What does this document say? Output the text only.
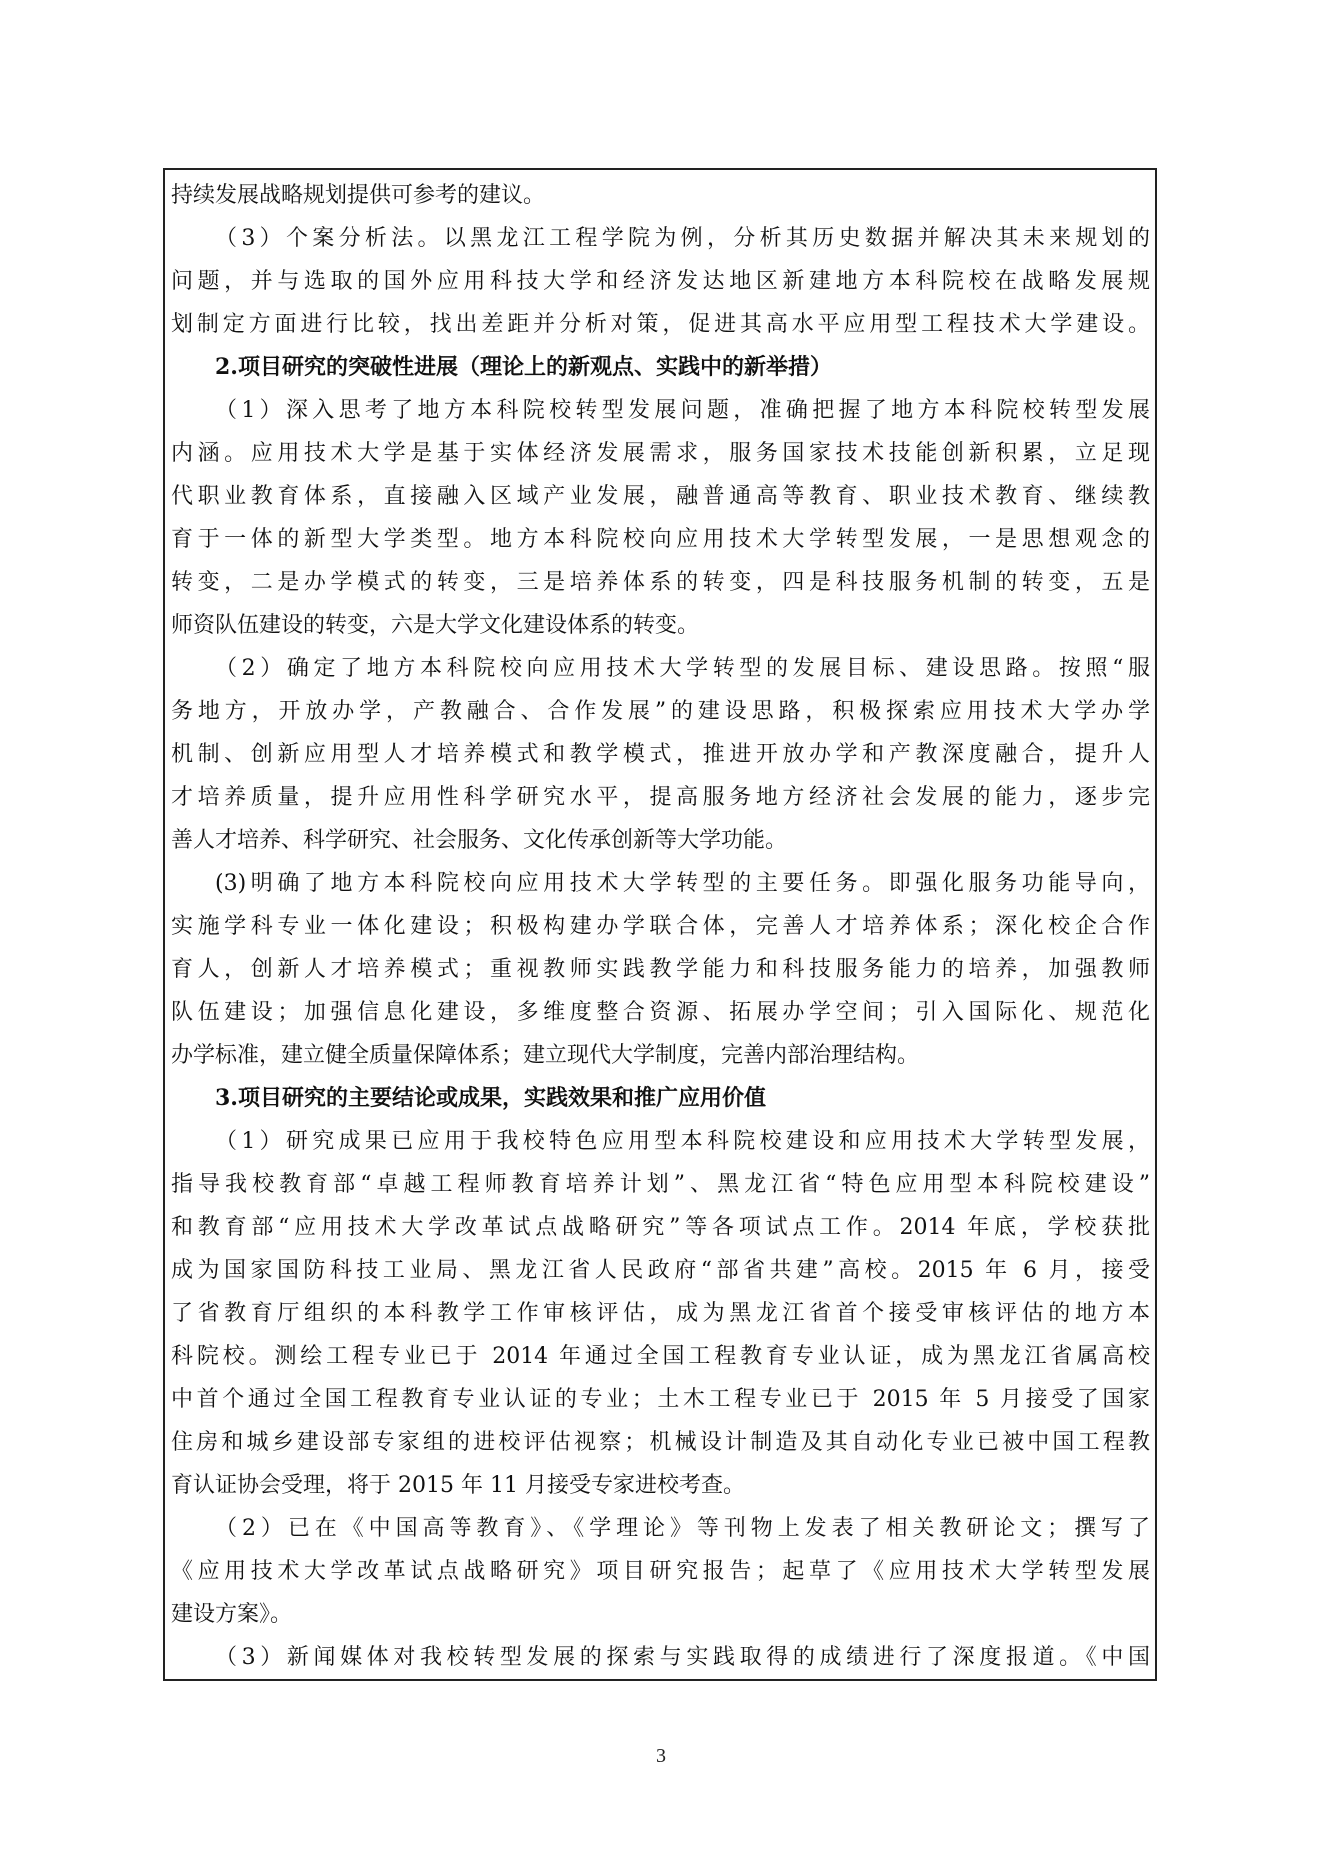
持续发展战略规划提供可参考的建议。
（3）个案分析法。以黑龙江工程学院为例，分析其历史数据并解决其未来规划的
问题，并与选取的国外应用科技大学和经济发达地区新建地方本科院校在战略发展规
划制定方面进行比较，找出差距并分析对策，促进其高水平应用型工程技术大学建设。
2.项目研究的突破性进展（理论上的新观点、实践中的新举措）
（1）深入思考了地方本科院校转型发展问题，准确把握了地方本科院校转型发展
内涵。应用技术大学是基于实体经济发展需求，服务国家技术技能创新积累，立足现
代职业教育体系，直接融入区域产业发展，融普通高等教育、职业技术教育、继续教
育于一体的新型大学类型。地方本科院校向应用技术大学转型发展，一是思想观念的
转变，二是办学模式的转变，三是培养体系的转变，四是科技服务机制的转变，五是
师资队伍建设的转变，六是大学文化建设体系的转变。
（2）确定了地方本科院校向应用技术大学转型的发展目标、建设思路。按照“服
务地方，开放办学，产教融合、合作发展”的建设思路，积极探索应用技术大学办学
机制、创新应用型人才培养模式和教学模式，推进开放办学和产教深度融合，提升人
才培养质量，提升应用性科学研究水平，提高服务地方经济社会发展的能力，逐步完
善人才培养、科学研究、社会服务、文化传承创新等大学功能。
(3)明确了地方本科院校向应用技术大学转型的主要任务。即强化服务功能导向，
实施学科专业一体化建设；积极构建办学联合体，完善人才培养体系；深化校企合作
育人，创新人才培养模式；重视教师实践教学能力和科技服务能力的培养，加强教师
队伍建设；加强信息化建设，多维度整合资源、拓展办学空间；引入国际化、规范化
办学标准，建立健全质量保障体系；建立现代大学制度，完善内部治理结构。
3.项目研究的主要结论或成果，实践效果和推广应用价值
（1）研究成果已应用于我校特色应用型本科院校建设和应用技术大学转型发展，
指导我校教育部“卓越工程师教育培养计划”、黑龙江省“特色应用型本科院校建设”
和教育部“应用技术大学改革试点战略研究”等各项试点工作。2014 年底，学校获批
成为国家国防科技工业局、黑龙江省人民政府“部省共建”高校。2015 年 6 月，接受
了省教育厅组织的本科教学工作审核评估，成为黑龙江省首个接受审核评估的地方本
科院校。测绘工程专业已于 2014 年通过全国工程教育专业认证，成为黑龙江省属高校
中首个通过全国工程教育专业认证的专业；土木工程专业已于 2015 年 5 月接受了国家
住房和城乡建设部专家组的进校评估视察；机械设计制造及其自动化专业已被中国工程教
育认证协会受理，将于 2015 年 11 月接受专家进校考查。
（2）已在《中国高等教育》、《学理论》等刊物上发表了相关教研论文；撰写了
《应用技术大学改革试点战略研究》项目研究报告；起草了《应用技术大学转型发展
建设方案》。
（3）新闻媒体对我校转型发展的探索与实践取得的成绩进行了深度报道。《中国
3
